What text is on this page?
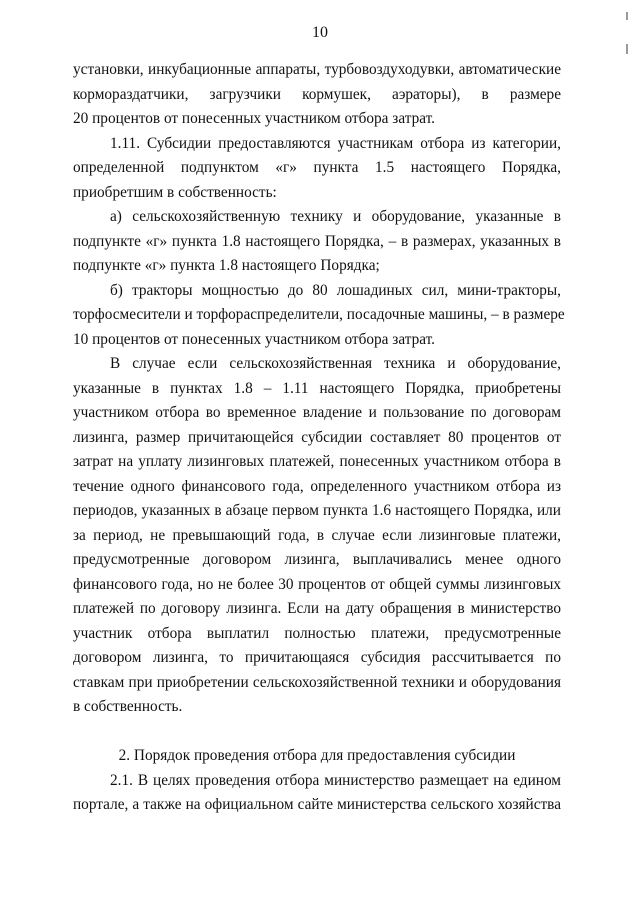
10

установки, инкубационные аппараты, турбовоздуходувки, автоматические
кормораздатчики, загрузчики кормушек, аэраторы), в размере
20 процентов от понесенных участником отбора затрат.

1.11. Субсидии предоставляются участникам отбора из категории,
определенной подпунктом «г» пункта 1.5 настоящего Порядка,
приобретшим в собственность:

а) сельскохозяйственную технику и оборудование, указанные в
подпункте «г» пункта 1.8 настоящего Порядка, – в размерах, указанных в
подпункте «г» пункта 1.8 настоящего Порядка;

б) тракторы мощностью до 80 лошадиных сил, мини-тракторы,
торфосмесители и торфораспределители, посадочные машины, – в размере
10 процентов от понесенных участником отбора затрат.

В случае если сельскохозяйственная техника и оборудование,
указанные в пунктах 1.8 – 1.11 настоящего Порядка, приобретены
участником отбора во временное владение и пользование по договорам
лизинга, размер причитающейся субсидии составляет 80 процентов от
затрат на уплату лизинговых платежей, понесенных участником отбора в
течение одного финансового года, определенного участником отбора из
периодов, указанных в абзаце первом пункта 1.6 настоящего Порядка, или
за период, не превышающий года, в случае если лизинговые платежи,
предусмотренные договором лизинга, выплачивались менее одного
финансового года, но не более 30 процентов от общей суммы лизинговых
платежей по договору лизинга. Если на дату обращения в министерство
участник отбора выплатил полностью платежи, предусмотренные
договором лизинга, то причитающаяся субсидия рассчитывается по
ставкам при приобретении сельскохозяйственной техники и оборудования
в собственность.

2. Порядок проведения отбора для предоставления субсидии

2.1. В целях проведения отбора министерство размещает на едином
портале, а также на официальном сайте министерства сельского хозяйства
